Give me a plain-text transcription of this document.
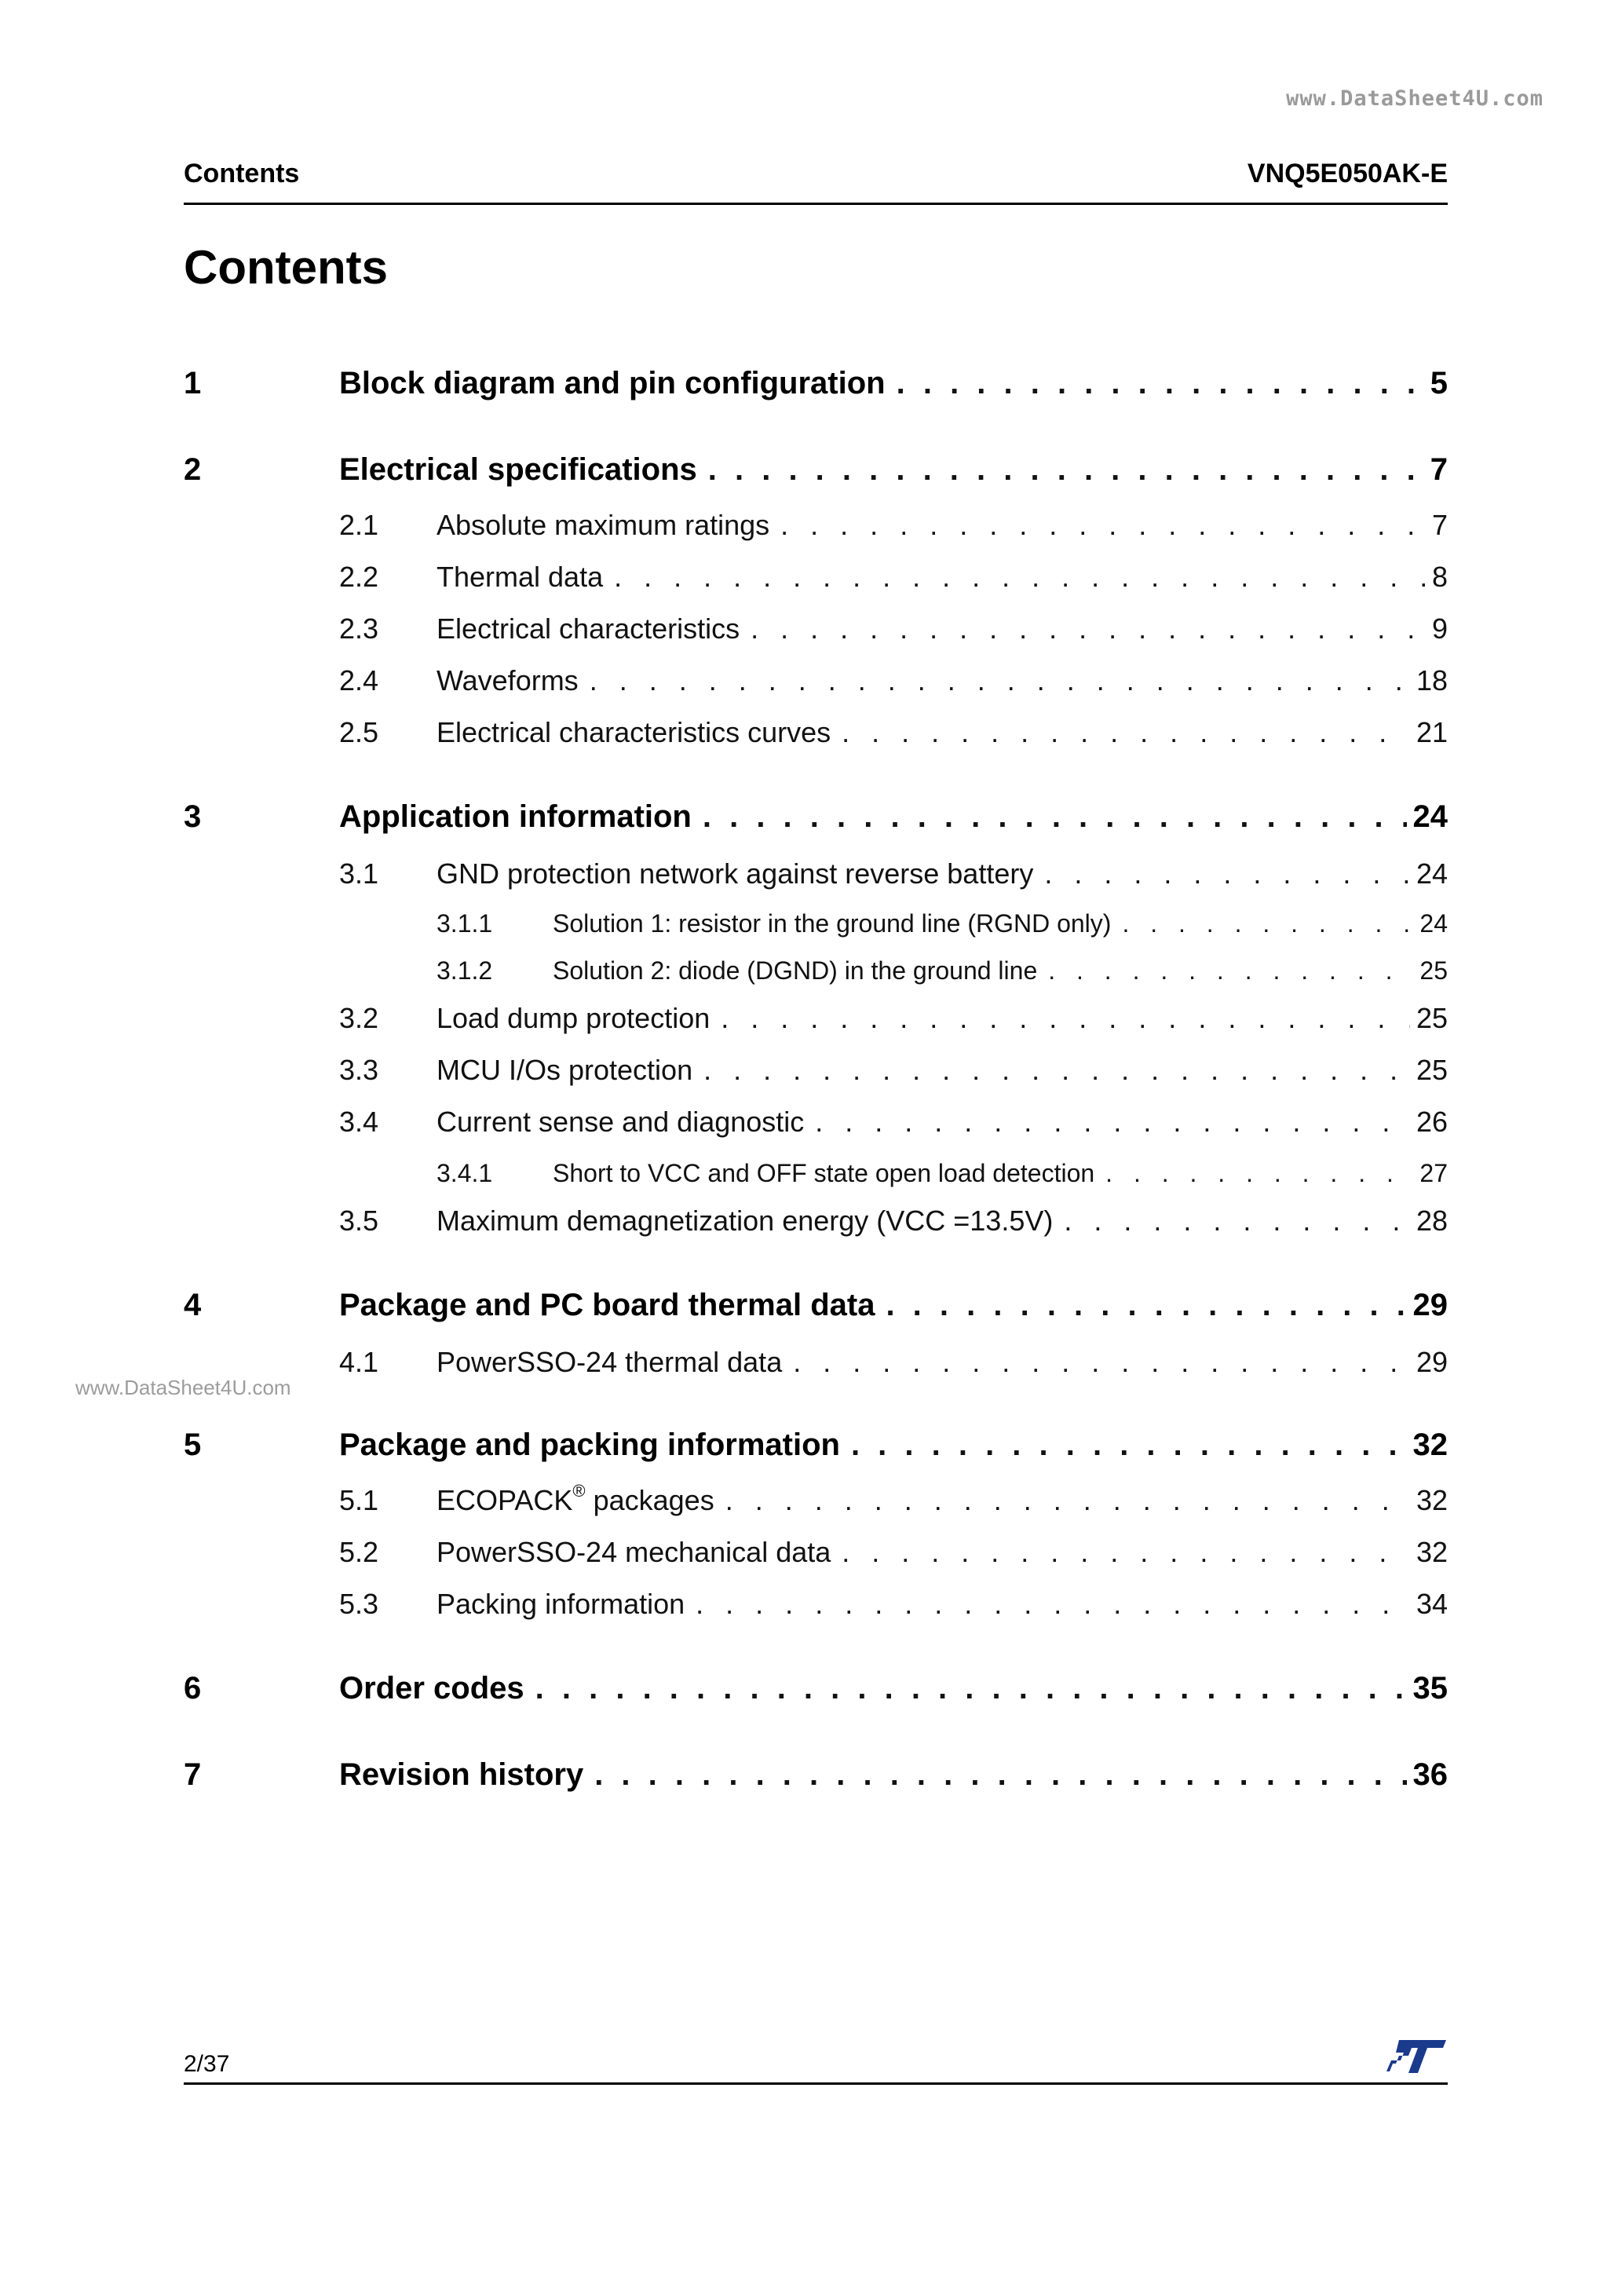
www.DataSheet4U.com
www.DataSheet4U.com
Contents	VNQ5E050AK-E
Contents
1	Block diagram and pin configuration . . .	5
2	Electrical specifications . . .	7
2.1	Absolute maximum ratings . . .	7
2.2	Thermal data . . .	8
2.3	Electrical characteristics . . .	9
2.4	Waveforms . . .	18
2.5	Electrical characteristics curves . . .	21
3	Application information . . .	24
3.1	GND protection network against reverse battery . . .	24
3.1.1	Solution 1: resistor in the ground line (RGND only) . . .	24
3.1.2	Solution 2: diode (DGND) in the ground line . . .	25
3.2	Load dump protection . . .	25
3.3	MCU I/Os protection . . .	25
3.4	Current sense and diagnostic . . .	26
3.4.1	Short to VCC and OFF state open load detection . . .	27
3.5	Maximum demagnetization energy (VCC =13.5V) . . .	28
4	Package and PC board thermal data . . .	29
4.1	PowerSSO-24 thermal data . . .	29
5	Package and packing information . . .	32
5.1	ECOPACK® packages . . .	32
5.2	PowerSSO-24 mechanical data . . .	32
5.3	Packing information . . .	34
6	Order codes . . .	35
7	Revision history . . .	36
2/37
